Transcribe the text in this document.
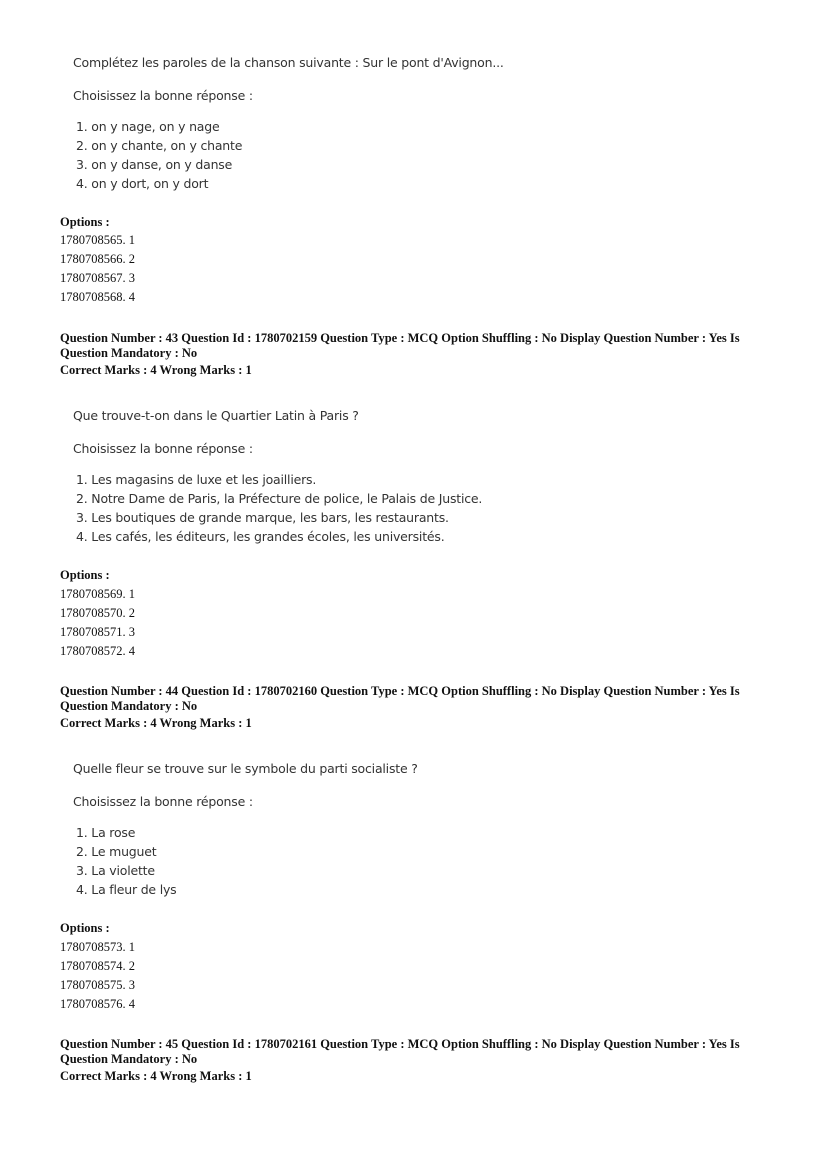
Complétez les paroles de la chanson suivante : Sur le pont d'Avignon...
Choisissez la bonne réponse :
1. on y nage, on y nage
2. on y chante, on y chante
3. on y danse, on y danse
4. on y dort, on y dort
Options :
1780708565. 1
1780708566. 2
1780708567. 3
1780708568. 4
Question Number : 43 Question Id : 1780702159 Question Type : MCQ Option Shuffling : No Display Question Number : Yes Is
Question Mandatory : No
Correct Marks : 4 Wrong Marks : 1
Que trouve-t-on dans le Quartier Latin à Paris ?
Choisissez la bonne réponse :
1. Les magasins de luxe et les joailliers.
2. Notre Dame de Paris, la Préfecture de police, le Palais de Justice.
3. Les boutiques de grande marque, les bars, les restaurants.
4. Les cafés, les éditeurs, les grandes écoles, les universités.
Options :
1780708569. 1
1780708570. 2
1780708571. 3
1780708572. 4
Question Number : 44 Question Id : 1780702160 Question Type : MCQ Option Shuffling : No Display Question Number : Yes Is
Question Mandatory : No
Correct Marks : 4 Wrong Marks : 1
Quelle fleur se trouve sur le symbole du parti socialiste ?
Choisissez la bonne réponse :
1. La rose
2. Le muguet
3. La violette
4. La fleur de lys
Options :
1780708573. 1
1780708574. 2
1780708575. 3
1780708576. 4
Question Number : 45 Question Id : 1780702161 Question Type : MCQ Option Shuffling : No Display Question Number : Yes Is
Question Mandatory : No
Correct Marks : 4 Wrong Marks : 1
